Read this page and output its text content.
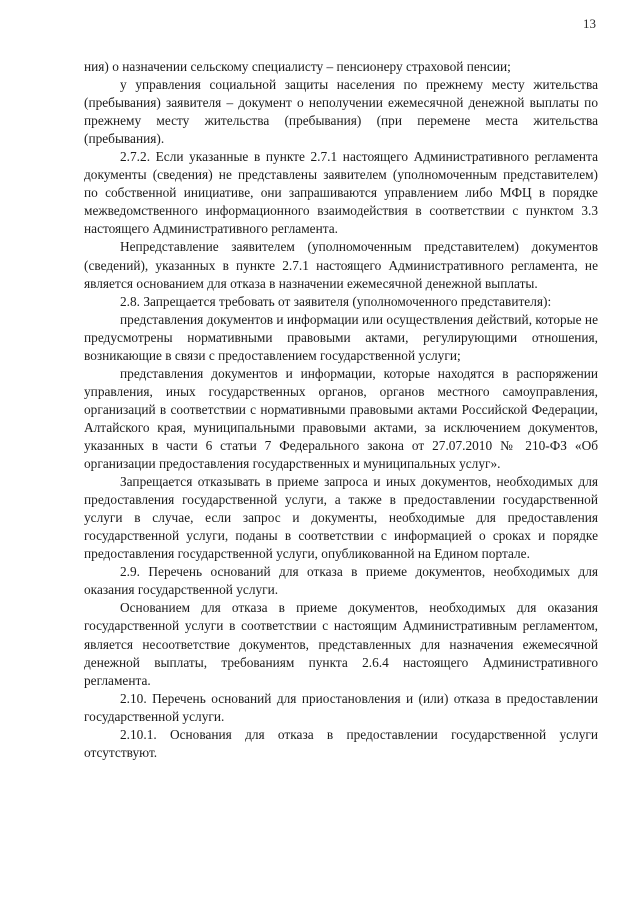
13

ния) о назначении сельскому специалисту – пенсионеру страховой пенсии;

у управления социальной защиты населения по прежнему месту жительства (пребывания) заявителя – документ о неполучении ежемесячной денежной выплаты по прежнему месту жительства (пребывания) (при перемене места жительства (пребывания).

2.7.2. Если указанные в пункте 2.7.1 настоящего Административного регламента документы (сведения) не представлены заявителем (уполномоченным представителем) по собственной инициативе, они запрашиваются управлением либо МФЦ в порядке межведомственного информационного взаимодействия в соответствии с пунктом 3.3 настоящего Административного регламента.

Непредставление заявителем (уполномоченным представителем) документов (сведений), указанных в пункте 2.7.1 настоящего Административного регламента, не является основанием для отказа в назначении ежемесячной денежной выплаты.

2.8. Запрещается требовать от заявителя (уполномоченного представителя):

представления документов и информации или осуществления действий, которые не предусмотрены нормативными правовыми актами, регулирующими отношения, возникающие в связи с предоставлением государственной услуги;

представления документов и информации, которые находятся в распоряжении управления, иных государственных органов, органов местного самоуправления, организаций в соответствии с нормативными правовыми актами Российской Федерации, Алтайского края, муниципальными правовыми актами, за исключением документов, указанных в части 6 статьи 7 Федерального закона от 27.07.2010 № 210-ФЗ «Об организации предоставления государственных и муниципальных услуг».

Запрещается отказывать в приеме запроса и иных документов, необходимых для предоставления государственной услуги, а также в предоставлении государственной услуги в случае, если запрос и документы, необходимые для предоставления государственной услуги, поданы в соответствии с информацией о сроках и порядке предоставления государственной услуги, опубликованной на Едином портале.

2.9. Перечень оснований для отказа в приеме документов, необходимых для оказания государственной услуги.

Основанием для отказа в приеме документов, необходимых для оказания государственной услуги в соответствии с настоящим Административным регламентом, является несоответствие документов, представленных для назначения ежемесячной денежной выплаты, требованиям пункта 2.6.4 настоящего Административного регламента.

2.10. Перечень оснований для приостановления и (или) отказа в предоставлении государственной услуги.

2.10.1. Основания для отказа в предоставлении государственной услуги отсутствуют.
